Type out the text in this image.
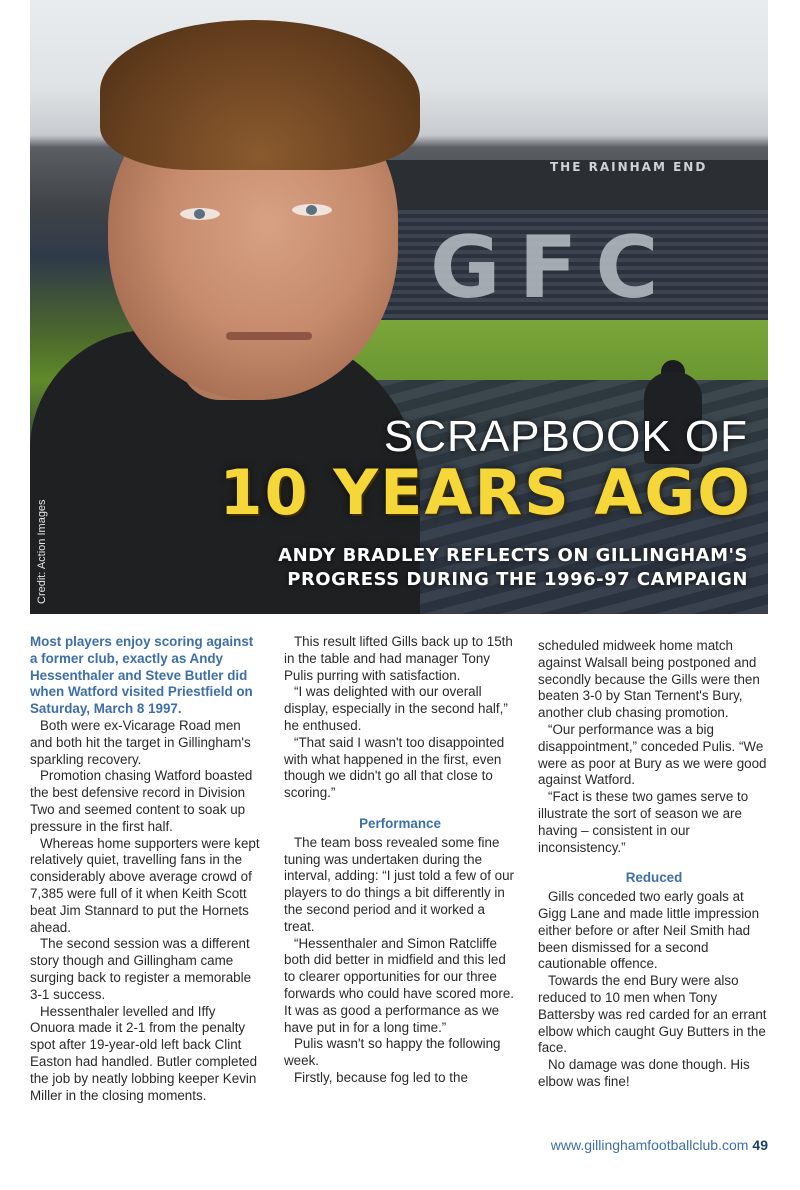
THE RAINHAM END
GFC
Credit: Action Images
SCRAPBOOK OF
10 YEARS AGO
ANDY BRADLEY REFLECTS ON GILLINGHAM'S
PROGRESS DURING THE 1996-97 CAMPAIGN

Most players enjoy scoring against a former club, exactly as Andy Hessenthaler and Steve Butler did when Watford visited Priestfield on Saturday, March 8 1997.

Both were ex-Vicarage Road men and both hit the target in Gillingham's sparkling recovery.

Promotion chasing Watford boasted the best defensive record in Division Two and seemed content to soak up pressure in the first half.

Whereas home supporters were kept relatively quiet, travelling fans in the considerably above average crowd of 7,385 were full of it when Keith Scott beat Jim Stannard to put the Hornets ahead.

The second session was a different story though and Gillingham came surging back to register a memorable 3-1 success.

Hessenthaler levelled and Iffy Onuora made it 2-1 from the penalty spot after 19-year-old left back Clint Easton had handled. Butler completed the job by neatly lobbing keeper Kevin Miller in the closing moments.

This result lifted Gills back up to 15th in the table and had manager Tony Pulis purring with satisfaction.

“I was delighted with our overall display, especially in the second half,” he enthused.

“That said I wasn't too disappointed with what happened in the first, even though we didn't go all that close to scoring.”

Performance

The team boss revealed some fine tuning was undertaken during the interval, adding: “I just told a few of our players to do things a bit differently in the second period and it worked a treat.

“Hessenthaler and Simon Ratcliffe both did better in midfield and this led to clearer opportunities for our three forwards who could have scored more. It was as good a performance as we have put in for a long time.”

Pulis wasn't so happy the following week.

Firstly, because fog led to the

scheduled midweek home match against Walsall being postponed and secondly because the Gills were then beaten 3-0 by Stan Ternent's Bury, another club chasing promotion.

“Our performance was a big disappointment,” conceded Pulis. “We were as poor at Bury as we were good against Watford.

“Fact is these two games serve to illustrate the sort of season we are having – consistent in our inconsistency.”

Reduced

Gills conceded two early goals at Gigg Lane and made little impression either before or after Neil Smith had been dismissed for a second cautionable offence.

Towards the end Bury were also reduced to 10 men when Tony Battersby was red carded for an errant elbow which caught Guy Butters in the face.

No damage was done though. His elbow was fine!

www.gillinghamfootballclub.com 49
